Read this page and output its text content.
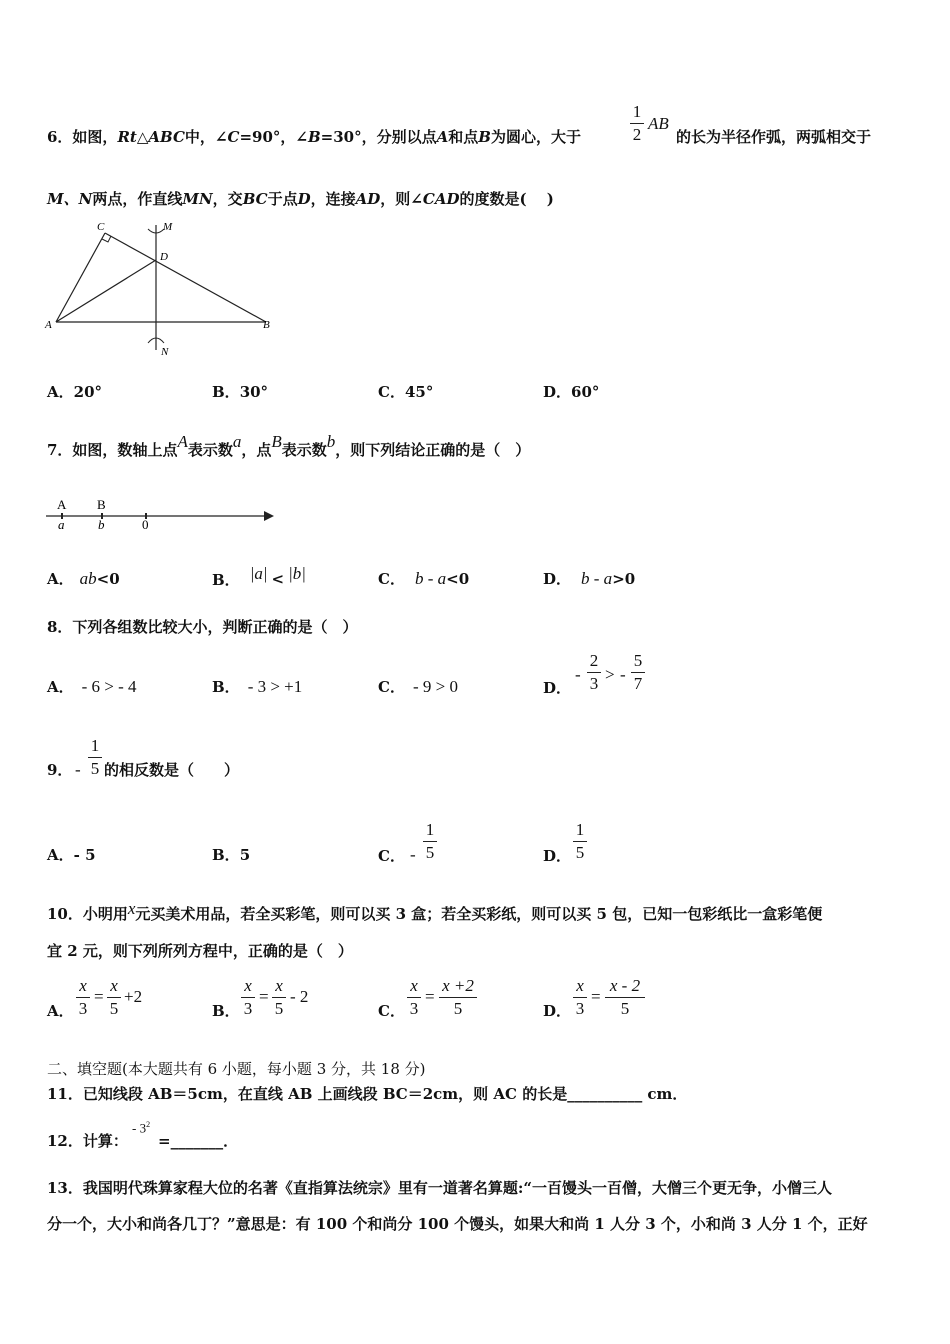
6．如图，Rt△ABC中，∠C=90°，∠B=30°，分别以点A和点B为圆心，大于
1
2
AB
的长为半径作弧，两弧相交于
M、N两点，作直线MN，交BC于点D，连接AD，则∠CAD的度数是(　 )
C	M
D
A	B
N
A．20°	B．30°	C．45°	D．60°
7．如图，数轴上点A表示数a，点B表示数b，则下列结论正确的是（　）
A B
a	b	0
A． ab<0	B． |a| < |b|	C． b - a<0	D． b - a>0
8．下列各组数比较大小，判断正确的是（　）
A． - 6 > - 4	B． - 3 > +1	C． - 9 > 0	D．
-
2
3 > -
5
7
9． -
1
5 的相反数是（　　）
A．- 5	B．5	C． -
1
5	D．
1
5
10．小明用x元买美术用品，若全买彩笔，则可以买 3 盒；若全买彩纸，则可以买 5 包，已知一包彩纸比一盒彩笔便
宜 2 元，则下列所列方程中，正确的是（　）
A．
x
3
=
x
5
+2
B．
x
3
=
x
5
- 2
C．
x
3
=
x +2
5	D．
x
3
=
x - 2
5
二、填空题(本大题共有 6 小题，每小题 3 分，共 18 分)
11．已知线段 AB＝5cm，在直线 AB 上画线段 BC＝2cm，则 AC 的长是__________ cm．
12．计算：
- $3^2$
=_______．
13．我国明代珠算家程大位的名著《直指算法统宗》里有一道著名算题:“一百馒头一百僧，大僧三个更无争，小僧三人
分一个，大小和尚各几丁？”意思是：有 100 个和尚分 100 个馒头，如果大和尚 1 人分 3 个，小和尚 3 人分 1 个，正好
